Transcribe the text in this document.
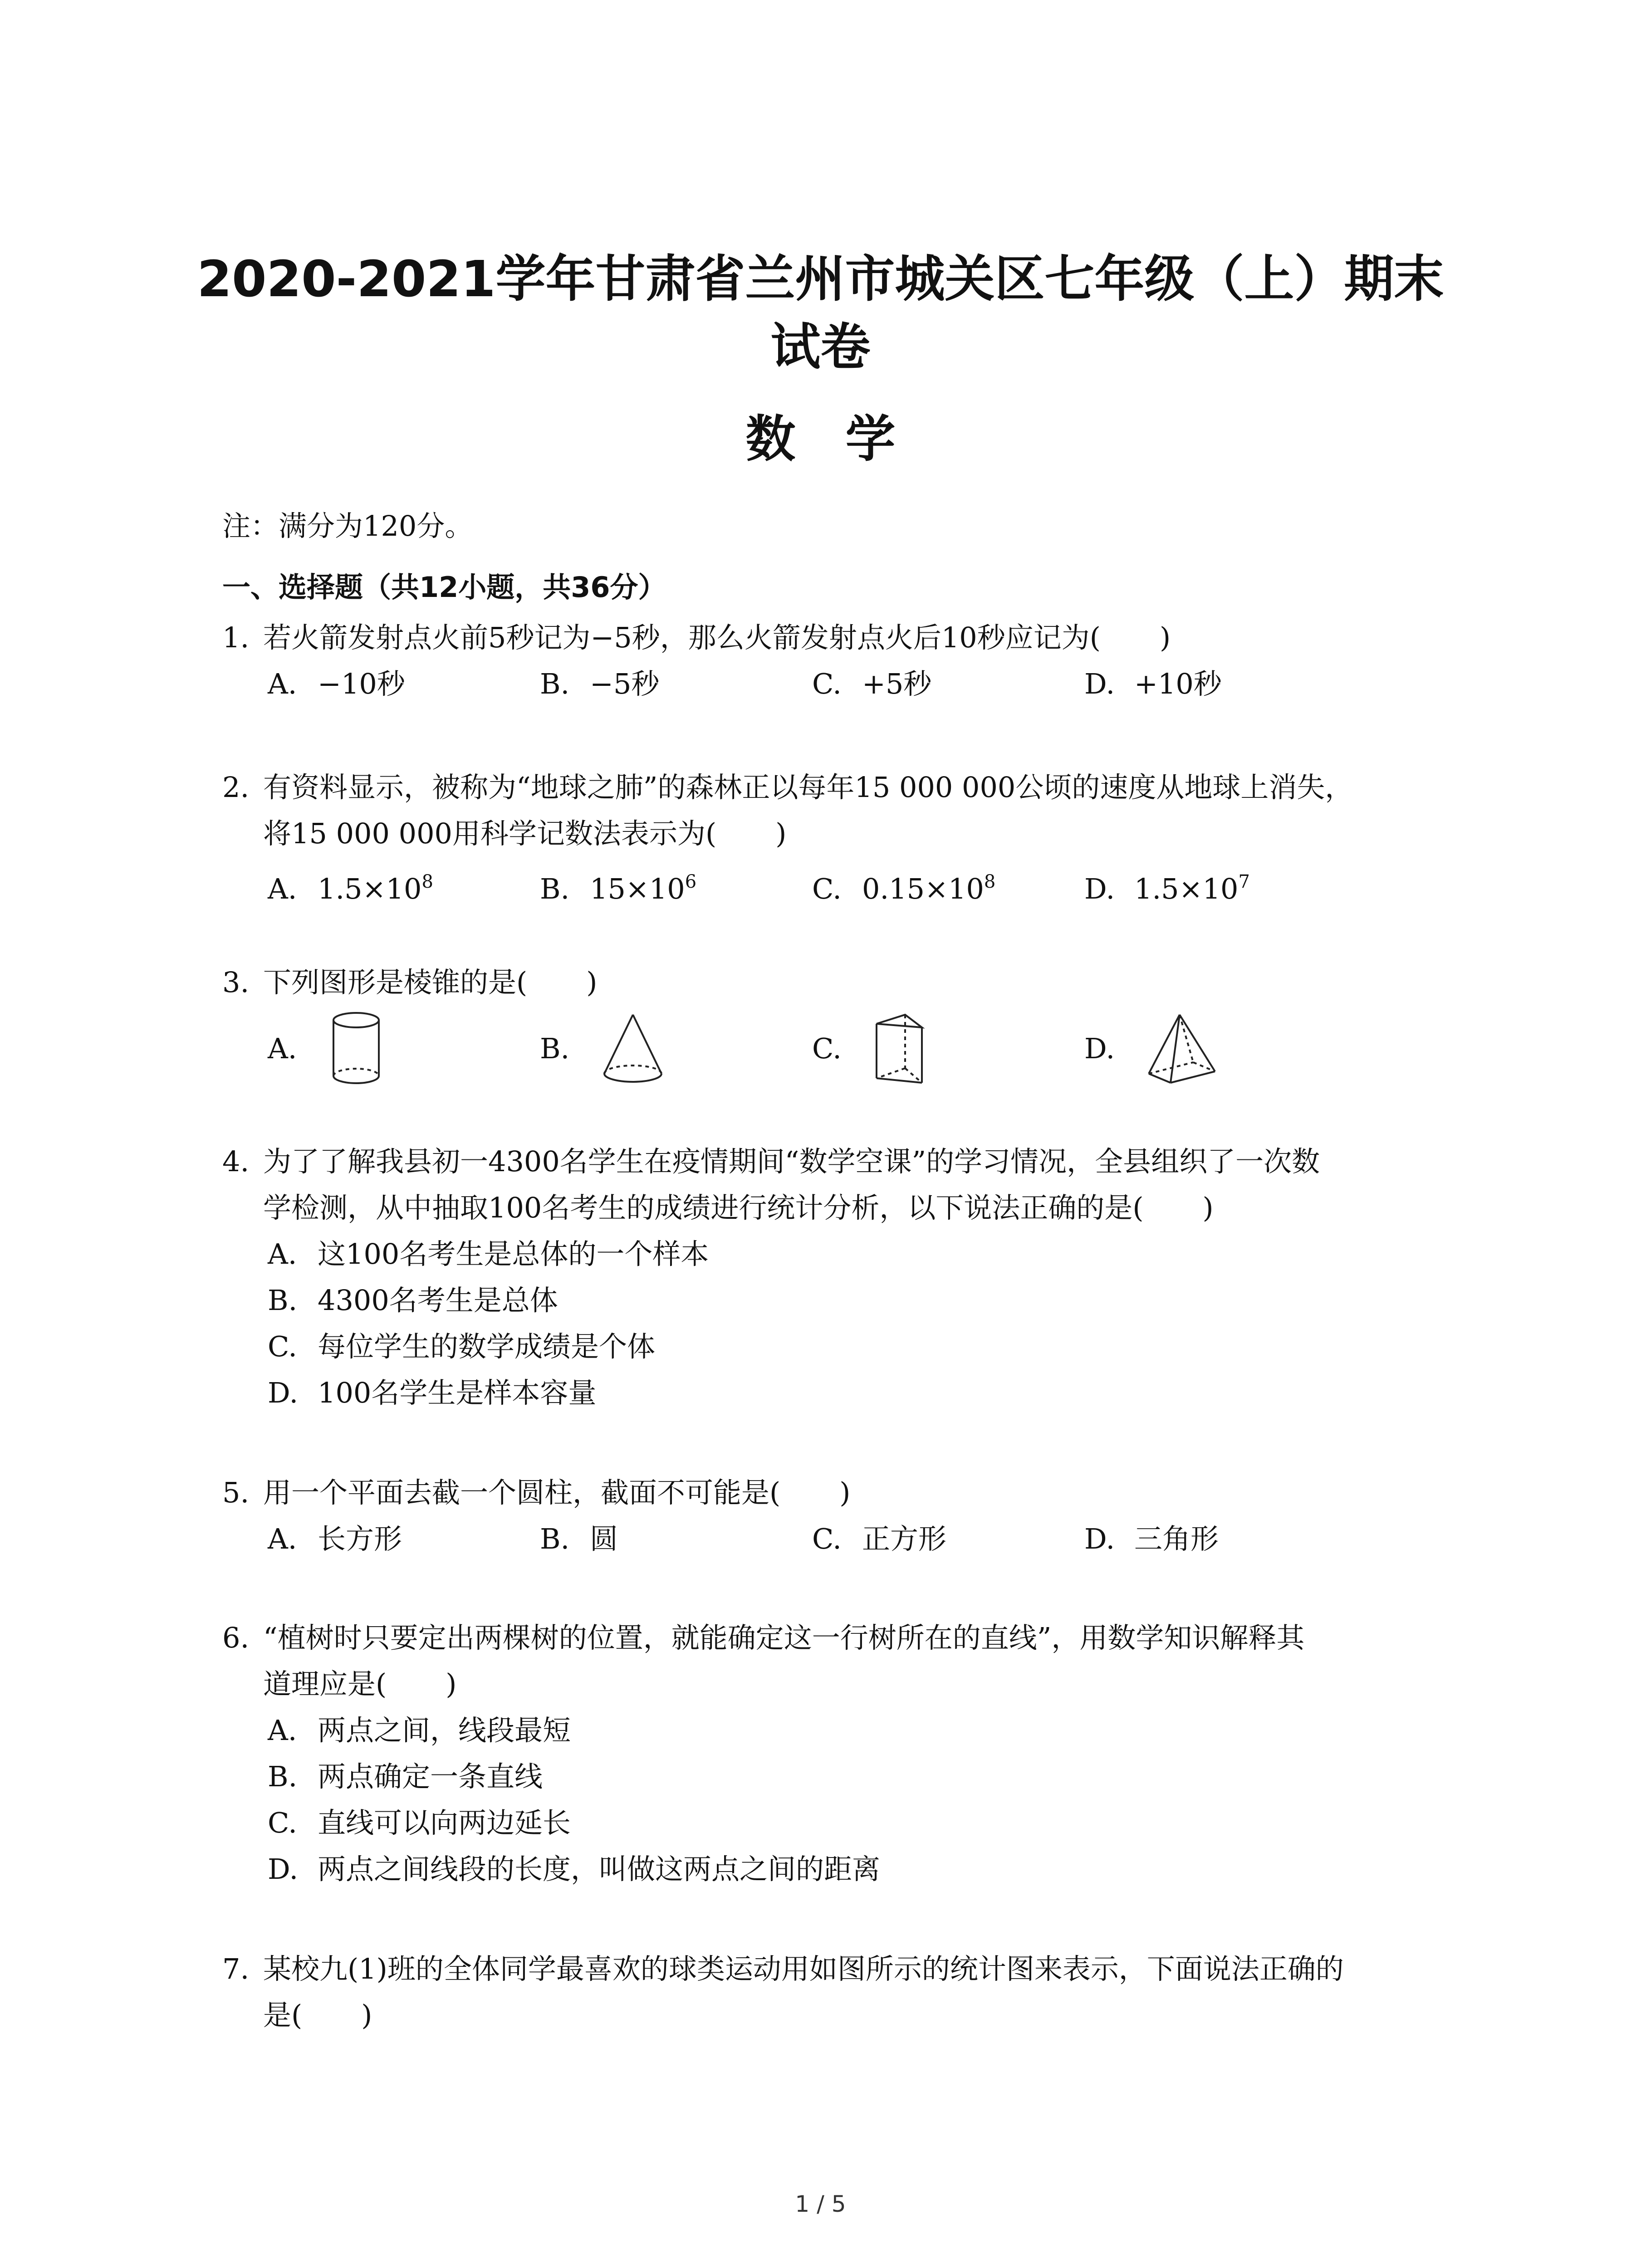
2020-2021学年甘肃省兰州市城关区七年级（上）期末
试卷
数学
注：满分为120分。
一、选择题（共12小题，共36分）
1. 若火箭发射点火前5秒记为−5秒，那么火箭发射点火后10秒应记为( )
A. −10秒	B. −5秒	C. +5秒	D. +10秒
2. 有资料显示，被称为“地球之肺”的森林正以每年15 000 000公顷的速度从地球上消失，
将15 000 000用科学记数法表示为( )
A. $1.5\times 10^8$	B. $15\times 10^6$	C. $0.15\times 10^8$	D. $1.5\times 10^7$
3. 下列图形是棱锥的是( )
A.	B.	C.	D.
4. 为了了解我县初一4300名学生在疫情期间“数学空课”的学习情况，全县组织了一次数
学检测，从中抽取100名考生的成绩进行统计分析，以下说法正确的是( )
A. 这100名考生是总体的一个样本
B. 4300名考生是总体
C. 每位学生的数学成绩是个体
D. 100名学生是样本容量
5. 用一个平面去截一个圆柱，截面不可能是( )
A. 长方形	B. 圆	C. 正方形	D. 三角形
6. “植树时只要定出两棵树的位置，就能确定这一行树所在的直线”，用数学知识解释其
道理应是( )
A. 两点之间，线段最短
B. 两点确定一条直线
C. 直线可以向两边延长
D. 两点之间线段的长度，叫做这两点之间的距离
7. 某校九(1)班的全体同学最喜欢的球类运动用如图所示的统计图来表示，下面说法正确的
是( )
1 / 5
